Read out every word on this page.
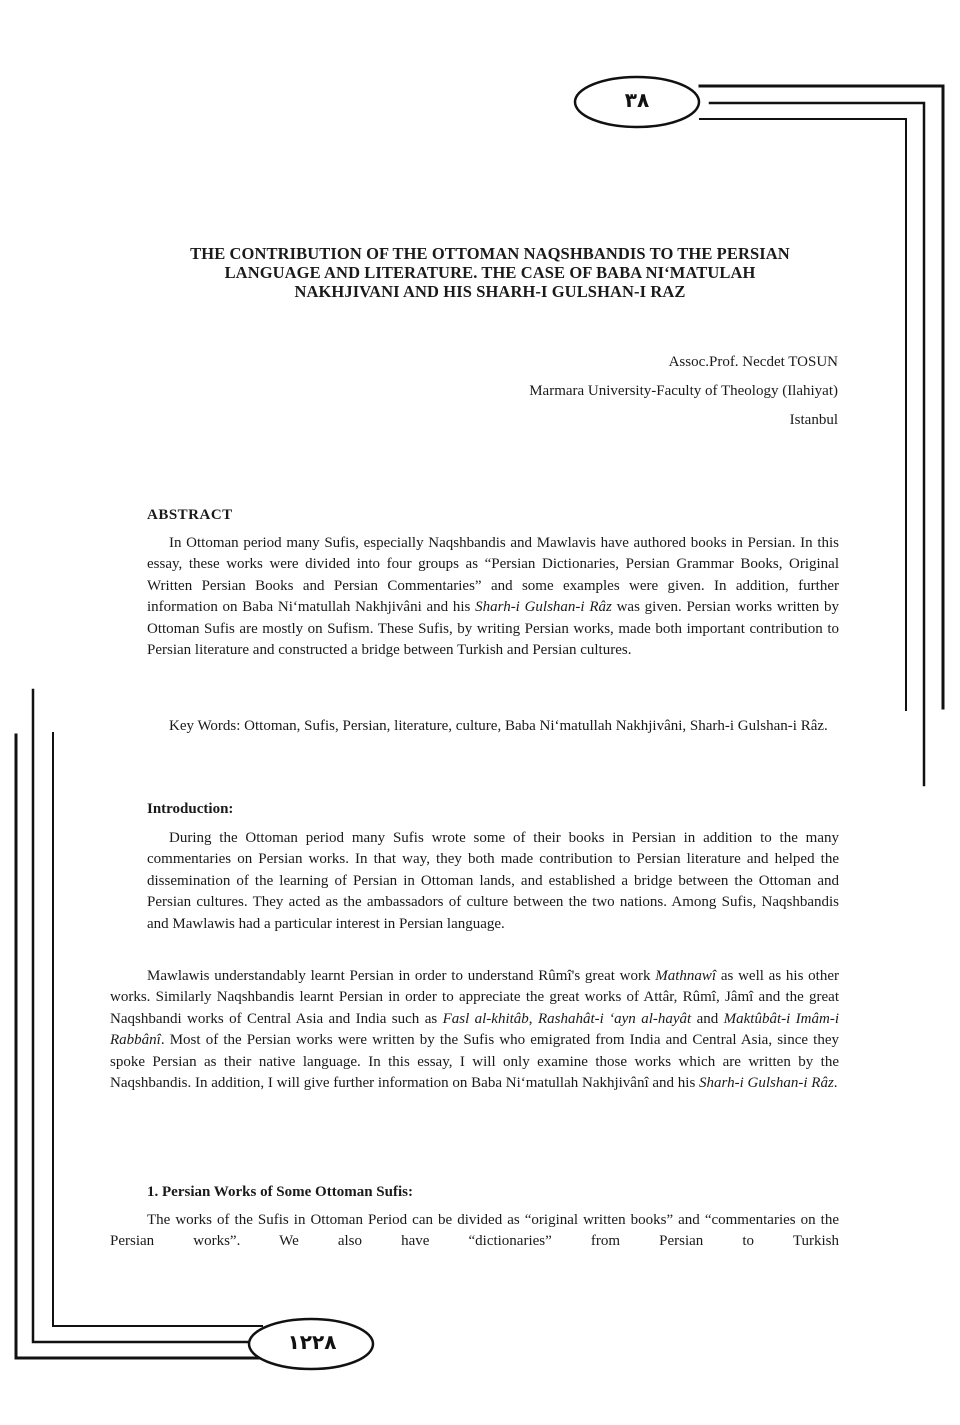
۳۸
۱۲۲۸
THE CONTRIBUTION OF THE OTTOMAN NAQSHBANDIS TO THE PERSIAN
LANGUAGE AND LITERATURE. THE CASE OF BABA NI‘MATULAH
NAKHJIVANI AND HIS SHARH-I GULSHAN-I RAZ
Assoc.Prof. Necdet TOSUN
Marmara University-Faculty of Theology (Ilahiyat)
Istanbul
ABSTRACT

In Ottoman period many Sufis, especially Naqshbandis and Mawlavis have authored books in Persian. In this essay, these works were divided into four groups as “Persian Dictionaries, Persian Grammar Books, Original Written Persian Books and Persian Commentaries” and some examples were given. In addition, further information on Baba Ni‘matullah Nakhjivâni and his Sharh-i Gulshan-i Râz was given. Persian works written by Ottoman Sufis are mostly on Sufism. These Sufis, by writing Persian works, made both important contribution to Persian literature and constructed a bridge between Turkish and Persian cultures.

Key Words: Ottoman, Sufis, Persian, literature, culture, Baba Ni‘matullah Nakhjivâni, Sharh-i Gulshan-i Râz.

Introduction:

During the Ottoman period many Sufis wrote some of their books in Persian in addition to the many commentaries on Persian works. In that way, they both made contribution to Persian literature and helped the dissemination of the learning of Persian in Ottoman lands, and established a bridge between the Ottoman and Persian cultures. They acted as the ambassadors of culture between the two nations. Among Sufis, Naqshbandis and Mawlawis had a particular interest in Persian language.

Mawlawis understandably learnt Persian in order to understand Rûmî's great work Mathnawî as well as his other works. Similarly Naqshbandis learnt Persian in order to appreciate the great works of Attâr, Rûmî, Jâmî and the great Naqshbandi works of Central Asia and India such as Fasl al-khitâb, Rashahât-i ‘ayn al-hayât and Maktûbât-i Imâm-i Rabbânî. Most of the Persian works were written by the Sufis who emigrated from India and Central Asia, since they spoke Persian as their native language. In this essay, I will only examine those works which are written by the Naqshbandis. In addition, I will give further information on Baba Ni‘matullah Nakhjivânî and his Sharh-i Gulshan-i Râz.

1. Persian Works of Some Ottoman Sufis:

The works of the Sufis in Ottoman Period can be divided as “original written books” and “commentaries on the Persian works”. We also have “dictionaries” from Persian to Turkish
